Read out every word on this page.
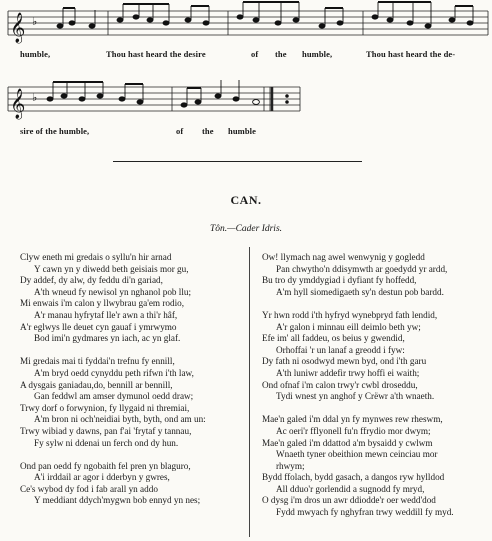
𝄞 ♭
humble,	Thou hast heard the desire	of the humble,	Thou hast heard the de-
𝄞 ♭
sire of the humble,	of the humble
CAN.
Tôn.—Cader Idris.
Clyw eneth mi gredais o syllu'n hir arnad
Y cawn yn y diwedd beth geisiais mor gu,
Dy addef, dy alw, dy feddu di'n gariad,
A'th wneud fy newisol yn nghanol pob llu;
Mi enwais i'm calon y llwybrau ga'em rodio,
A'r manau hyfrytaf lle'r awn a thi'r hâf,
A'r eglwys lle deuet cyn gauaf i ymrwymo
Bod imi'n gydmares yn iach, ac yn glaf.
Mi gredais mai ti fyddai'n trefnu fy ennill,
A'm bryd oedd cynyddu peth rifwn i'th law,
A dysgais ganiadau,do, bennill ar bennill,
Gan feddwl am amser dymunol oedd draw;
Trwy dorf o forwynion, fy llygaid ni thremiai,
A'm bron ni och'neidiai byth, byth, ond am un:
Trwy wibiad y dawns, pan f'ai 'frytaf y tannau,
Fy sylw ni ddenai un ferch ond dy hun.
Ond pan oedd fy ngobaith fel pren yn blaguro,
A'i irddail ar agor i dderbyn y gwres,
Ce's wybod dy fod i fab arall yn addo
Y meddiant ddych'mygwn bob ennyd yn nes;
Ow! llymach nag awel wenwynig y gogledd
Pan chwytho'n ddisymwth ar goedydd yr ardd,
Bu tro dy ymddygiad i dyfiant fy hoffedd,
A'm hyll siomedigaeth sy'n destun pob bardd.
Yr hwn rodd i'th hyfryd wynebpryd fath lendid,
A'r galon i minnau eill deimlo beth yw;
Efe im' all faddeu, os beius y gwendid,
Orhoffai 'r un lanaf a greodd i fyw:
Dy fath ni osodwyd mewn byd, ond i'th garu
A'th luniwr addefir trwy hoffi ei waith;
Ond ofnaf i'm calon trwy'r cwbl droseddu,
Tydi wnest yn anghof y Crëwr a'th wnaeth.
Mae'n galed i'm ddal yn fy mynwes rew rheswm,
Ac oeri'r fflyonell fu'n ffrydio mor dwym;
Mae'n galed i'm ddattod a'm bysaidd y cwlwm
Wnaeth tyner obeithion mewn ceinciau mor
rhwym;
Bydd ffolach, bydd gasach, a dangos ryw hylldod
All dduo'r gorlendid a sugnodd fy mryd,
O dysg i'm dros un awr ddiodde'r oer wedd'dod
Fydd mwyach fy nghyfran trwy weddill fy myd.
